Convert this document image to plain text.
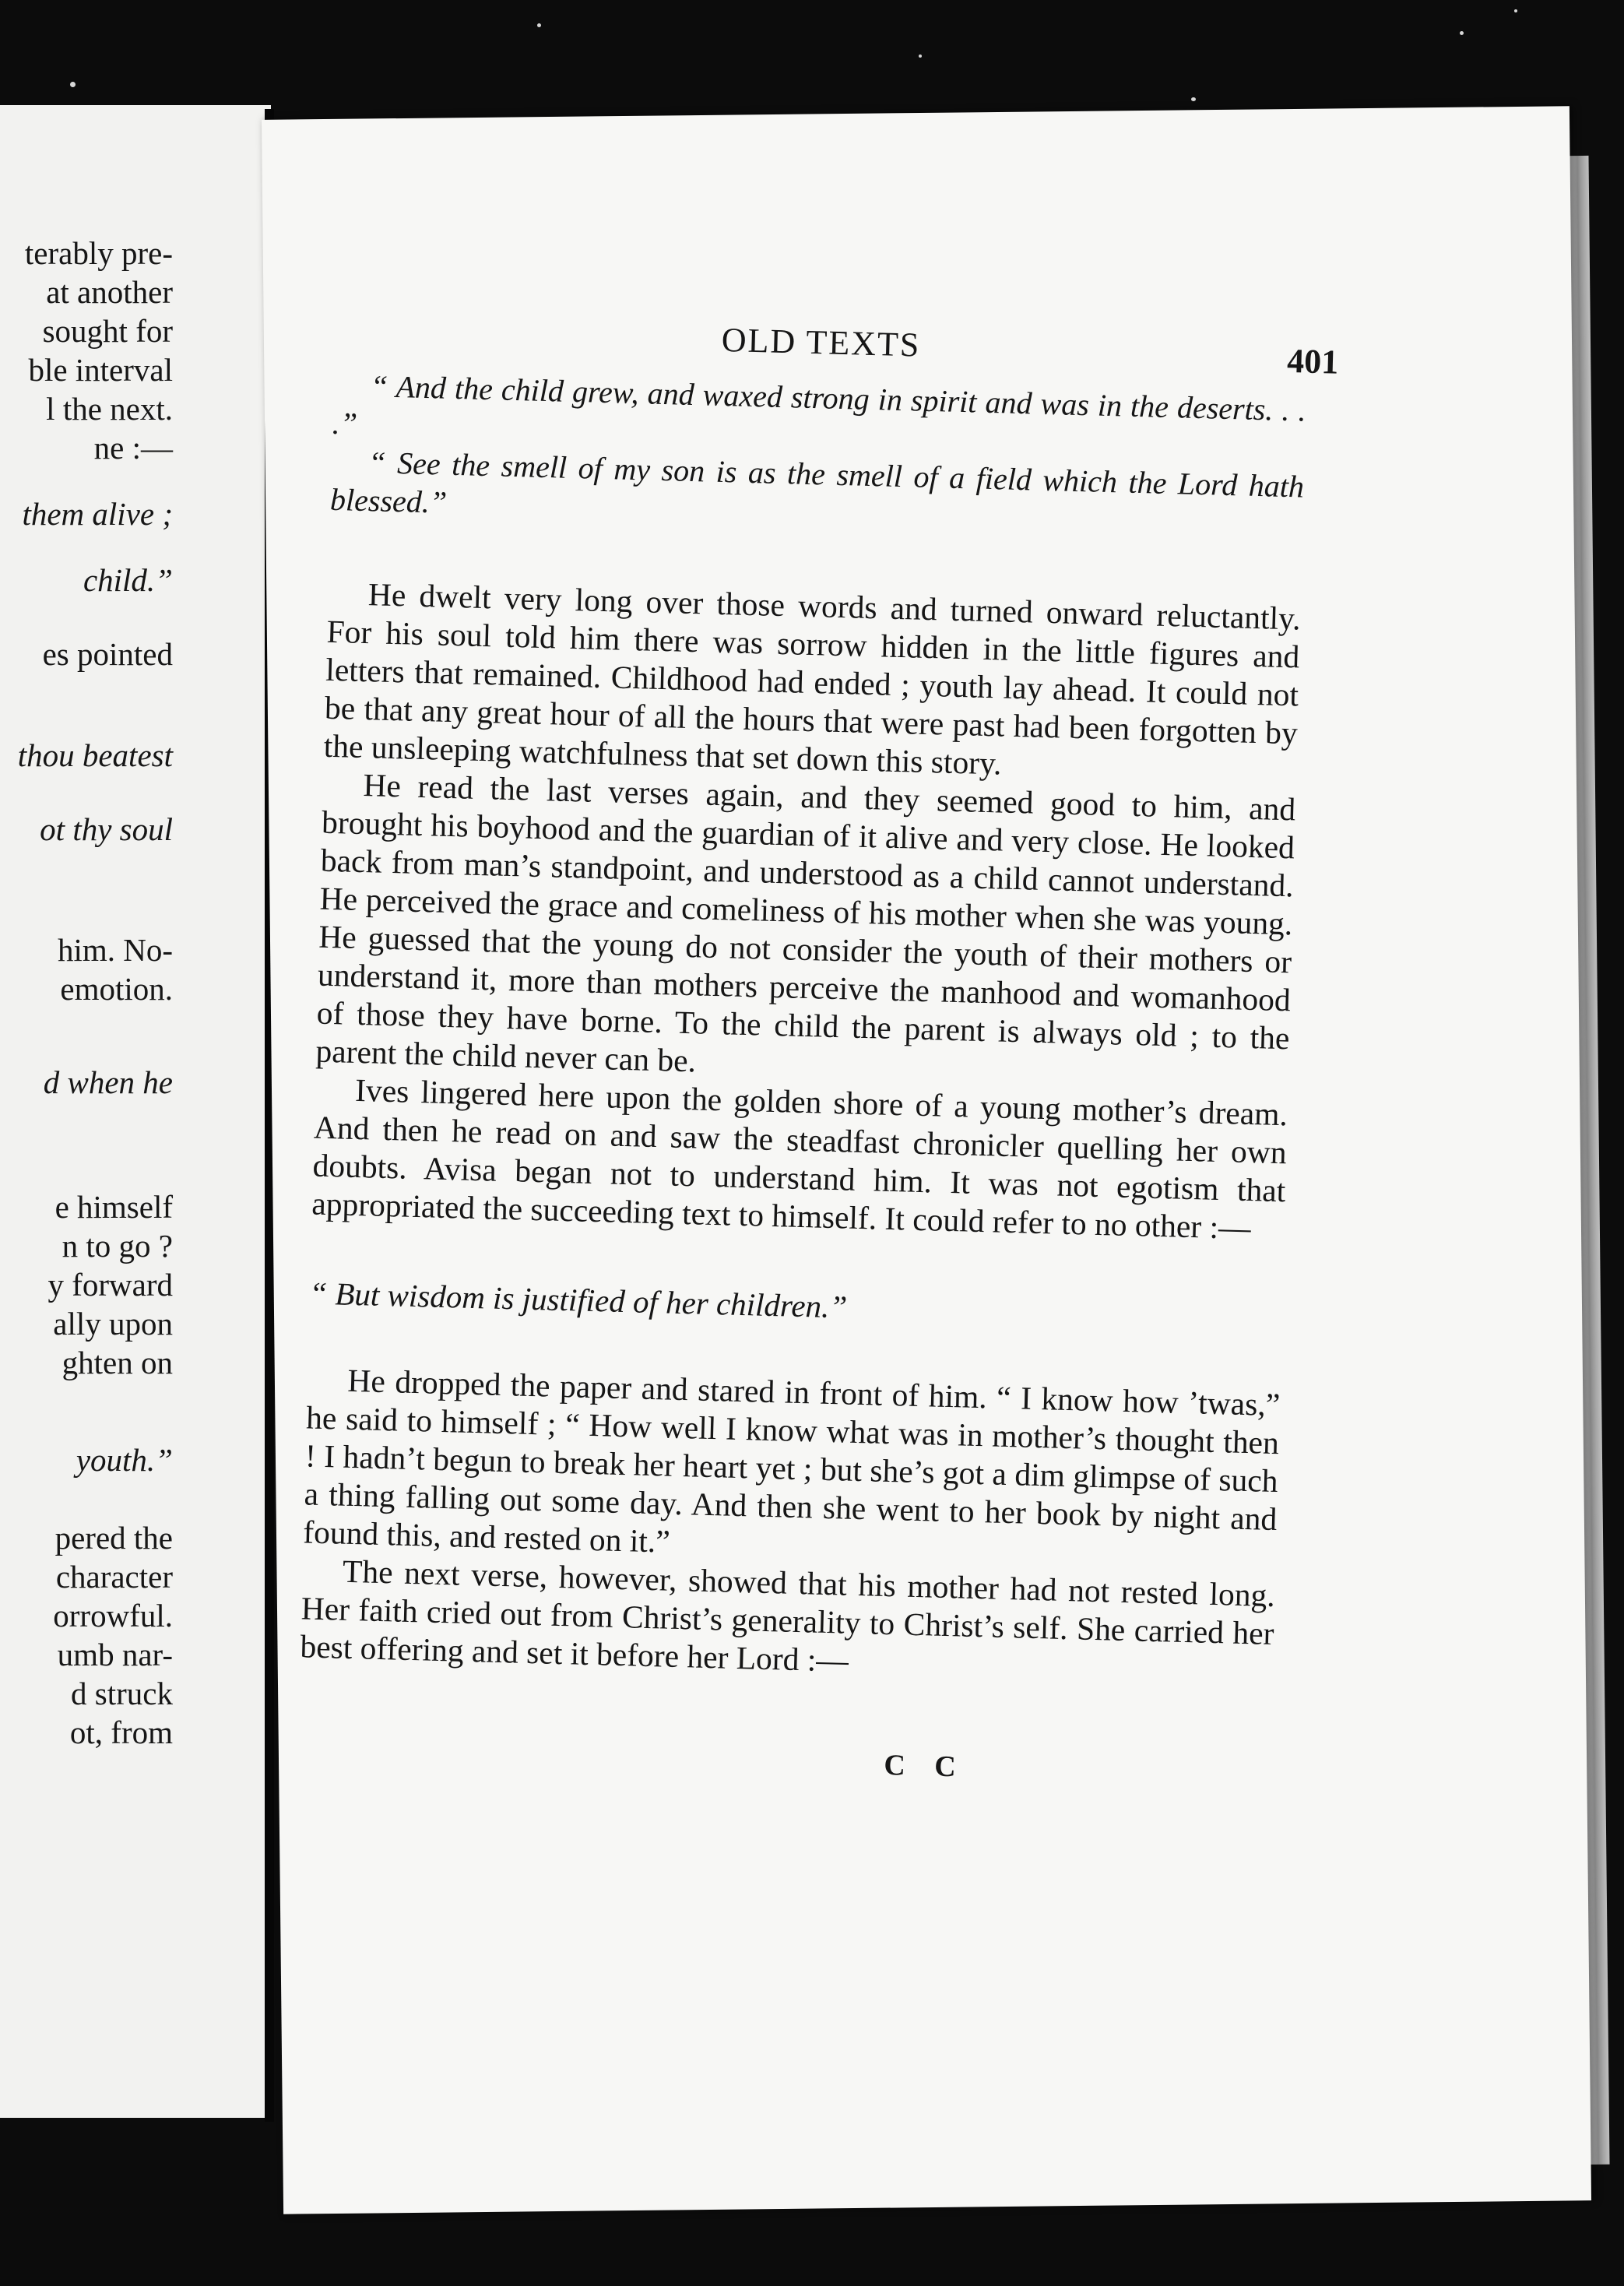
terably pre-
at another
sought for
ble interval
l the next.
ne :—
them alive ;
child.”
es pointed
thou beatest
ot thy soul
him. No-
emotion.
d when he
e himself
n to go ?
y forward
ally upon
ghten on
youth.”
pered the
character
orrowful.
umb nar-
d struck
ot, from
OLD TEXTS	401

“ And the child grew, and waxed strong in spirit and was in the deserts. . . .”

“ See the smell of my son is as the smell of a field which the Lord hath blessed.”

He dwelt very long over those words and turned onward reluctantly. For his soul told him there was sorrow hidden in the little figures and letters that remained. Childhood had ended ; youth lay ahead. It could not be that any great hour of all the hours that were past had been forgotten by the unsleeping watchfulness that set down this story.

He read the last verses again, and they seemed good to him, and brought his boyhood and the guardian of it alive and very close. He looked back from man’s standpoint, and understood as a child cannot understand. He perceived the grace and comeliness of his mother when she was young. He guessed that the young do not consider the youth of their mothers or understand it, more than mothers perceive the manhood and womanhood of those they have borne. To the child the parent is always old ; to the parent the child never can be.

Ives lingered here upon the golden shore of a young mother’s dream. And then he read on and saw the steadfast chronicler quelling her own doubts. Avisa began not to understand him. It was not egotism that appropriated the succeeding text to himself. It could refer to no other :—

“ But wisdom is justified of her children.”

He dropped the paper and stared in front of him. “ I know how ’twas,” he said to himself ; “ How well I know what was in mother’s thought then ! I hadn’t begun to break her heart yet ; but she’s got a dim glimpse of such a thing falling out some day. And then she went to her book by night and found this, and rested on it.”

The next verse, however, showed that his mother had not rested long. Her faith cried out from Christ’s generality to Christ’s self. She carried her best offering and set it before her Lord :—

C C
